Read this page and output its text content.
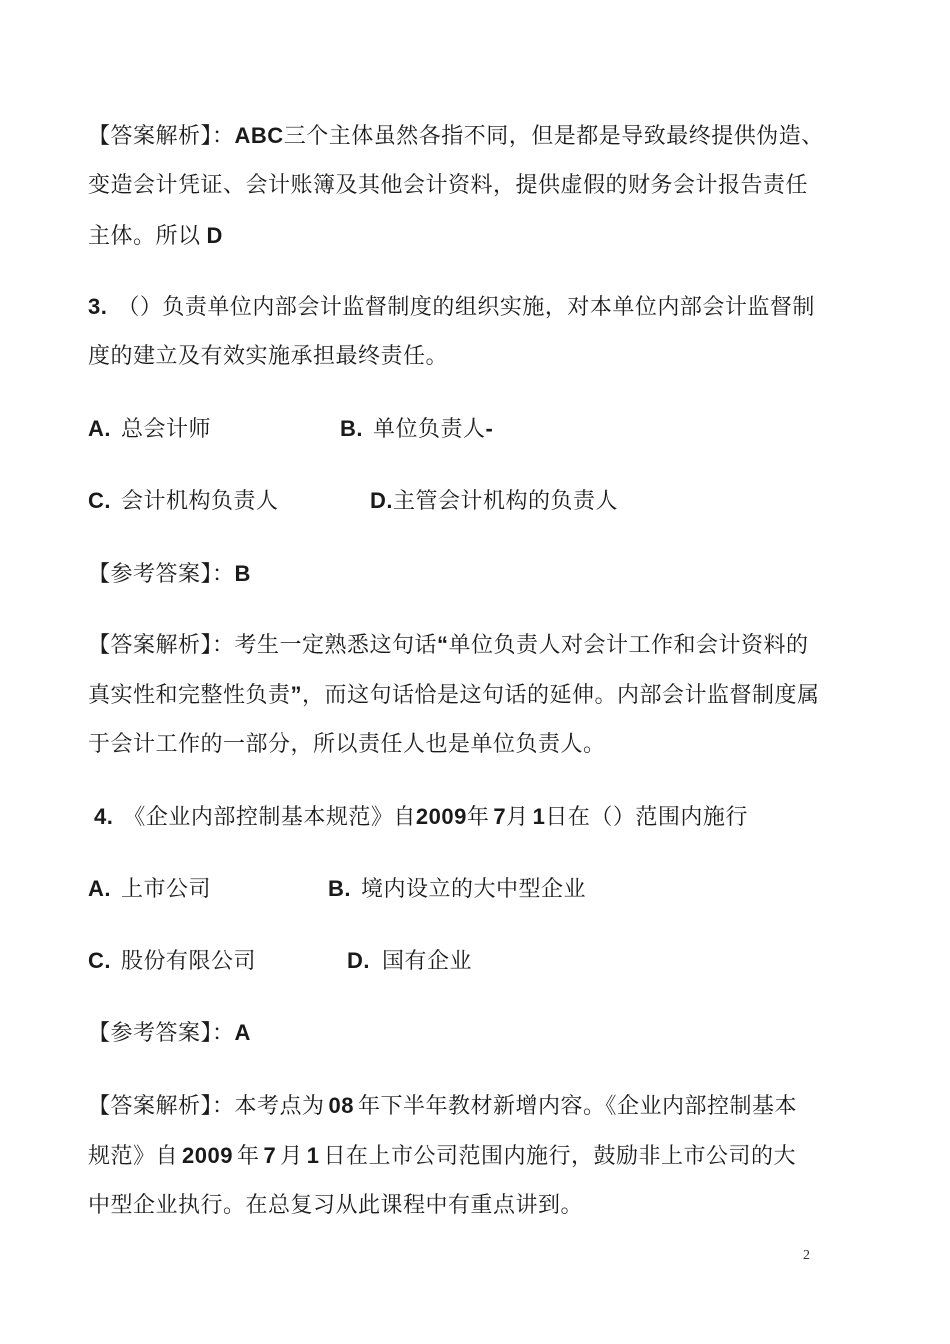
【答案解析】：ABC三个主体虽然各指不同，但是都是导致最终提供伪造、
变造会计凭证、会计账簿及其他会计资料，提供虚假的财务会计报告责任
主体。所以 D
3. （）负责单位内部会计监督制度的组织实施，对本单位内部会计监督制
度的建立及有效实施承担最终责任。
A. 总会计师	B. 单位负责人-
C. 会计机构负责人	D.主管会计机构的负责人
【参考答案】：B
【答案解析】：考生一定熟悉这句话“单位负责人对会计工作和会计资料的
真实性和完整性负责”，而这句话恰是这句话的延伸。内部会计监督制度属
于会计工作的一部分，所以责任人也是单位负责人。
4. 《企业内部控制基本规范》自2009年 7月 1日在（）范围内施行
A. 上市公司	B. 境内设立的大中型企业
C. 股份有限公司	D. 国有企业
【参考答案】：A
【答案解析】：本考点为 08 年下半年教材新增内容。《企业内部控制基本
规范》自 2009 年 7 月 1 日在上市公司范围内施行，鼓励非上市公司的大
中型企业执行。在总复习从此课程中有重点讲到。
2
